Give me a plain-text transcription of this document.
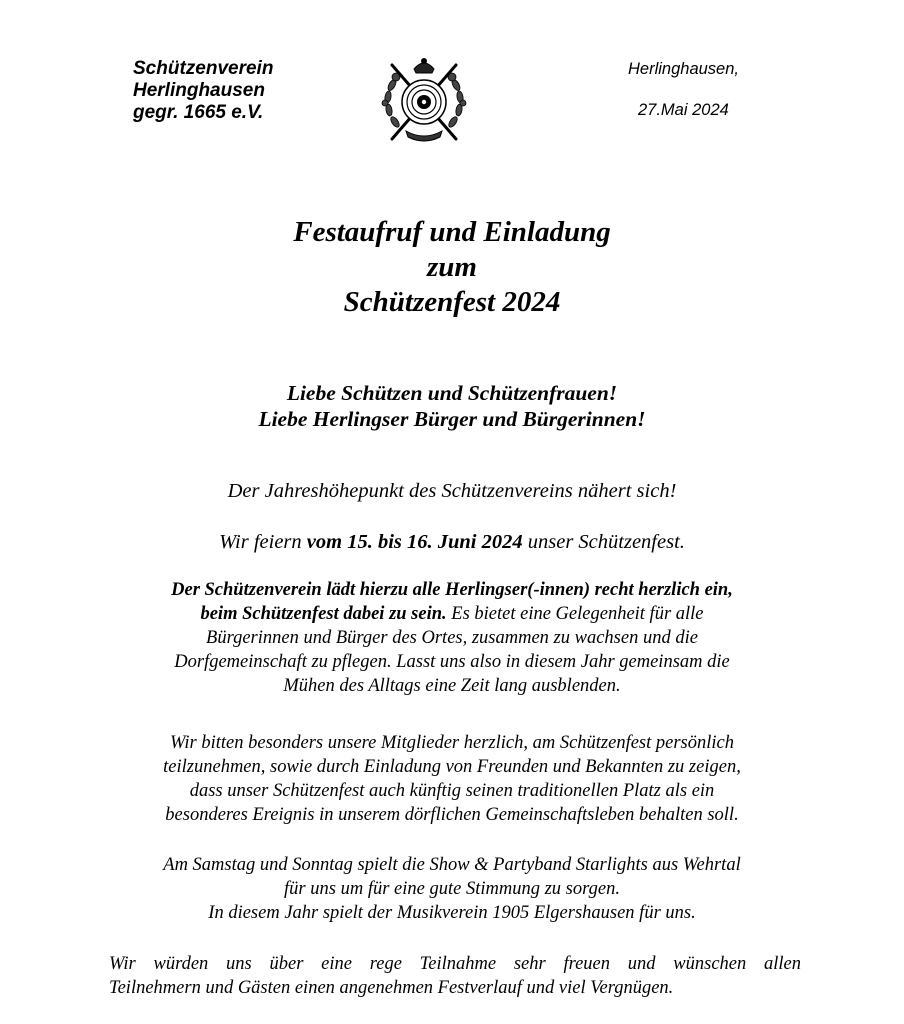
Schützenverein
Herlinghausen
gegr. 1665 e.V.
Herlinghausen,
27.Mai 2024
Festaufruf und Einladung
zum
Schützenfest 2024
Liebe Schützen und Schützenfrauen!
Liebe Herlingser Bürger und Bürgerinnen!
Der Jahreshöhepunkt des Schützenvereins nähert sich!
Wir feiern vom 15. bis 16. Juni 2024 unser Schützenfest.
Der Schützenverein lädt hierzu alle Herlingser(-innen) recht herzlich ein,
beim Schützenfest dabei zu sein. Es bietet eine Gelegenheit für alle
Bürgerinnen und Bürger des Ortes, zusammen zu wachsen und die
Dorfgemeinschaft zu pflegen. Lasst uns also in diesem Jahr gemeinsam die
Mühen des Alltags eine Zeit lang ausblenden.
Wir bitten besonders unsere Mitglieder herzlich, am Schützenfest persönlich
teilzunehmen, sowie durch Einladung von Freunden und Bekannten zu zeigen,
dass unser Schützenfest auch künftig seinen traditionellen Platz als ein
besonderes Ereignis in unserem dörflichen Gemeinschaftsleben behalten soll.
Am Samstag und Sonntag spielt die Show & Partyband Starlights aus Wehrtal
für uns um für eine gute Stimmung zu sorgen.
In diesem Jahr spielt der Musikverein 1905 Elgershausen für uns.
Wir würden uns über eine rege Teilnahme sehr freuen und wünschen allen
Teilnehmern und Gästen einen angenehmen Festverlauf und viel Vergnügen.
